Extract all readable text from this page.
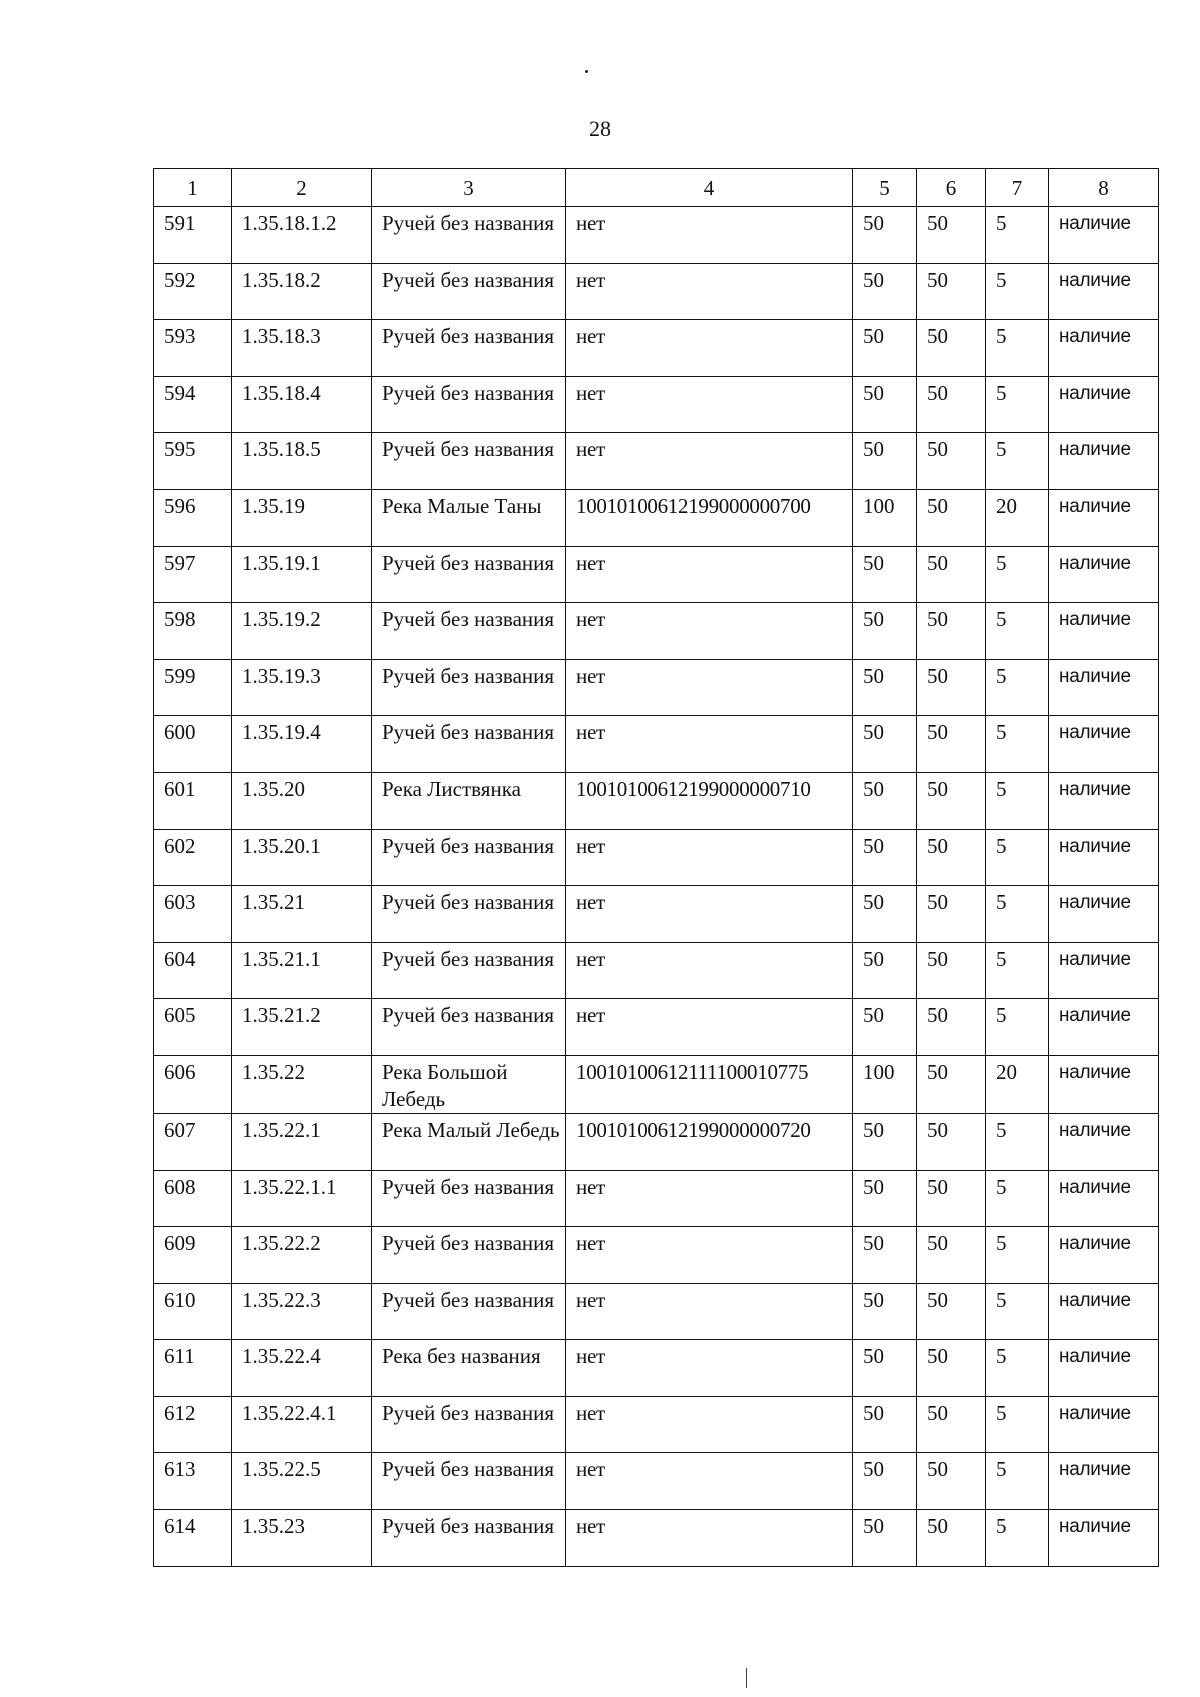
28
1	2	3	4	5	6	7	8
591	1.35.18.1.2	Ручей без названия	нет	50	50	5	наличие
592	1.35.18.2	Ручей без названия	нет	50	50	5	наличие
593	1.35.18.3	Ручей без названия	нет	50	50	5	наличие
594	1.35.18.4	Ручей без названия	нет	50	50	5	наличие
595	1.35.18.5	Ручей без названия	нет	50	50	5	наличие
596	1.35.19	Река Малые Таны	10010100612199000000700	100	50	20	наличие
597	1.35.19.1	Ручей без названия	нет	50	50	5	наличие
598	1.35.19.2	Ручей без названия	нет	50	50	5	наличие
599	1.35.19.3	Ручей без названия	нет	50	50	5	наличие
600	1.35.19.4	Ручей без названия	нет	50	50	5	наличие
601	1.35.20	Река Листвянка	10010100612199000000710	50	50	5	наличие
602	1.35.20.1	Ручей без названия	нет	50	50	5	наличие
603	1.35.21	Ручей без названия	нет	50	50	5	наличие
604	1.35.21.1	Ручей без названия	нет	50	50	5	наличие
605	1.35.21.2	Ручей без названия	нет	50	50	5	наличие
606	1.35.22	Река Большой Лебедь	10010100612111100010775	100	50	20	наличие
607	1.35.22.1	Река Малый Лебедь	10010100612199000000720	50	50	5	наличие
608	1.35.22.1.1	Ручей без названия	нет	50	50	5	наличие
609	1.35.22.2	Ручей без названия	нет	50	50	5	наличие
610	1.35.22.3	Ручей без названия	нет	50	50	5	наличие
611	1.35.22.4	Река без названия	нет	50	50	5	наличие
612	1.35.22.4.1	Ручей без названия	нет	50	50	5	наличие
613	1.35.22.5	Ручей без названия	нет	50	50	5	наличие
614	1.35.23	Ручей без названия	нет	50	50	5	наличие
